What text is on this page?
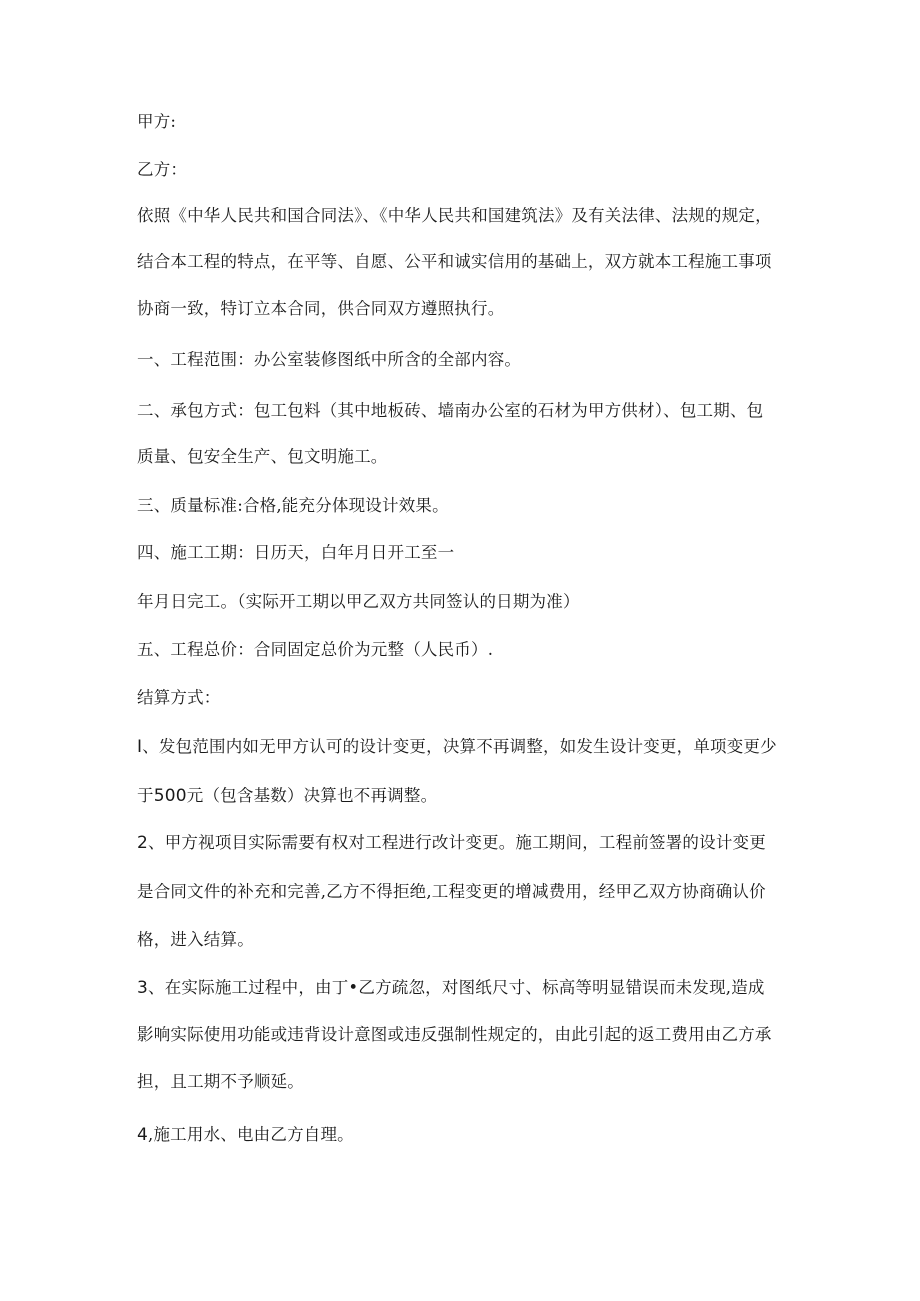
甲方:
乙方：
依照《中华人民共和国合同法》、《中华人民共和国建筑法》及有关法律、法规的规定，
结合本工程的特点，在平等、自愿、公平和诚实信用的基础上，双方就本工程施工事项
协商一致，特订立本合同，供合同双方遵照执行。
一、工程范围：办公室装修图纸中所含的全部内容。
二、承包方式：包工包料（其中地板砖、墙南办公室的石材为甲方供材）、包工期、包
质量、包安全生产、包文明施工。
三、质量标准:合格,能充分体现设计效果。
四、施工工期：日历天，白年月日开工至一
年月日完工。（实际开工期以甲乙双方共同签认的日期为准）
五、工程总价：合同固定总价为元整（人民币）.
结算方式：
I、发包范围内如无甲方认可的设计变更，决算不再调整，如发生设计变更，单项变更少
于500元（包含基数）决算也不再调整。
2、甲方视项目实际需要有权对工程进行改计变更。施工期间，工程前签署的设计变更
是合同文件的补充和完善,乙方不得拒绝,工程变更的增减费用，经甲乙双方协商确认价
格，进入结算。
3、在实际施工过程中，由丁•乙方疏忽，对图纸尺寸、标高等明显错误而未发现,造成
影响实际使用功能或违背设计意图或违反强制性规定的，由此引起的返工费用由乙方承
担，且工期不予顺延。
4,施工用水、电由乙方自理。
